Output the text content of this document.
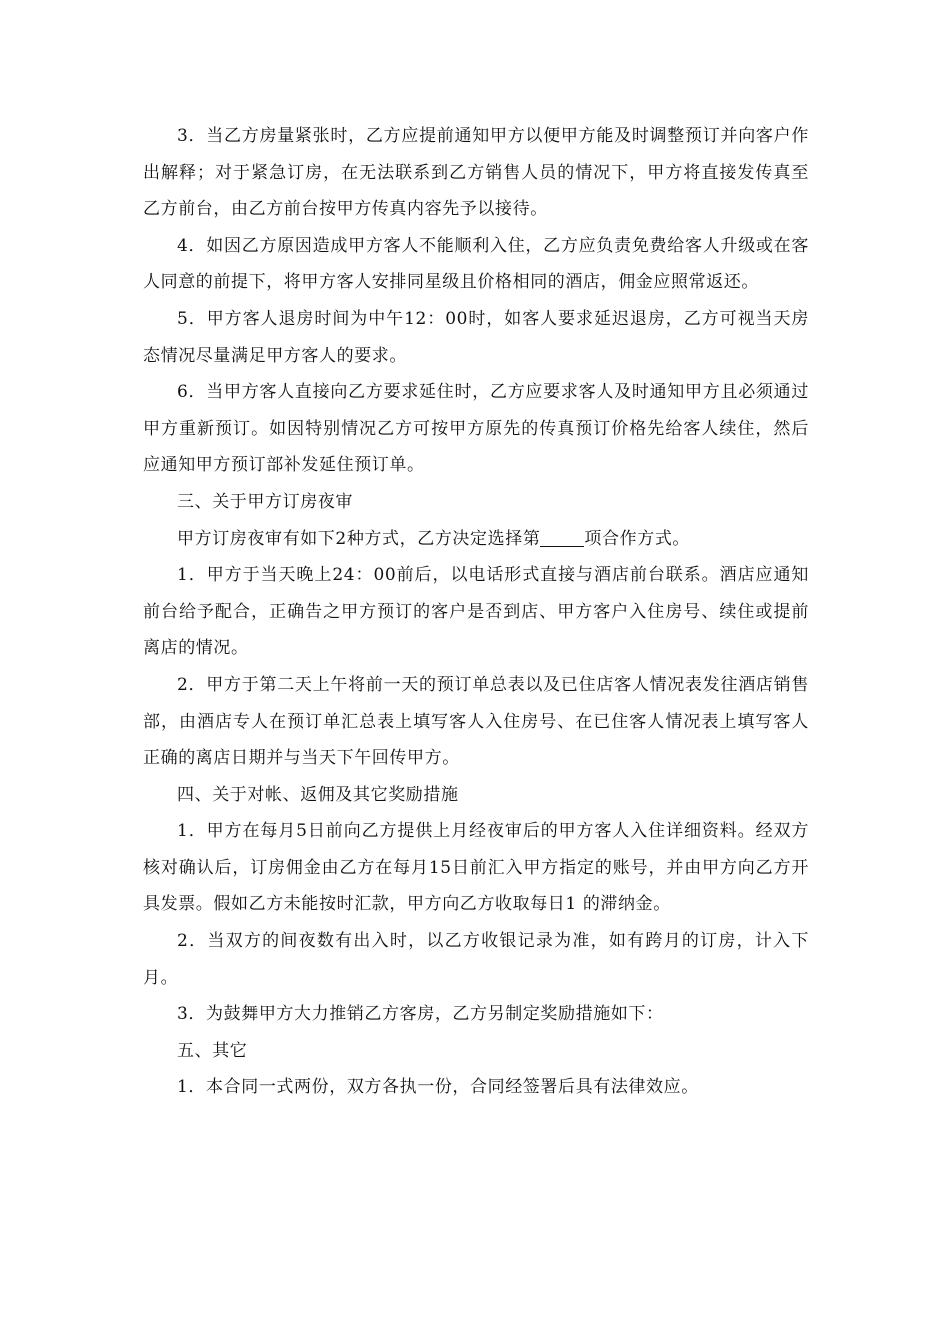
3．当乙方房量紧张时，乙方应提前通知甲方以便甲方能及时调整预订并向客户作出解释；对于紧急订房，在无法联系到乙方销售人员的情况下，甲方将直接发传真至乙方前台，由乙方前台按甲方传真内容先予以接待。

4．如因乙方原因造成甲方客人不能顺利入住，乙方应负责免费给客人升级或在客人同意的前提下，将甲方客人安排同星级且价格相同的酒店，佣金应照常返还。

5．甲方客人退房时间为中午12：00时，如客人要求延迟退房，乙方可视当天房态情况尽量满足甲方客人的要求。

6．当甲方客人直接向乙方要求延住时，乙方应要求客人及时通知甲方且必须通过甲方重新预订。如因特别情况乙方可按甲方原先的传真预订价格先给客人续住，然后应通知甲方预订部补发延住预订单。

三、关于甲方订房夜审

甲方订房夜审有如下2种方式，乙方决定选择第	项合作方式。

1．甲方于当天晚上24：00前后，以电话形式直接与酒店前台联系。酒店应通知前台给予配合，正确告之甲方预订的客户是否到店、甲方客户入住房号、续住或提前离店的情况。

2．甲方于第二天上午将前一天的预订单总表以及已住店客人情况表发往酒店销售部，由酒店专人在预订单汇总表上填写客人入住房号、在已住客人情况表上填写客人正确的离店日期并与当天下午回传甲方。

四、关于对帐、返佣及其它奖励措施

1．甲方在每月5日前向乙方提供上月经夜审后的甲方客人入住详细资料。经双方核对确认后，订房佣金由乙方在每月15日前汇入甲方指定的账号，并由甲方向乙方开具发票。假如乙方未能按时汇款，甲方向乙方收取每日1 的滞纳金。

2．当双方的间夜数有出入时，以乙方收银记录为准，如有跨月的订房，计入下月。

3．为鼓舞甲方大力推销乙方客房，乙方另制定奖励措施如下：

五、其它

1．本合同一式两份，双方各执一份，合同经签署后具有法律效应。
